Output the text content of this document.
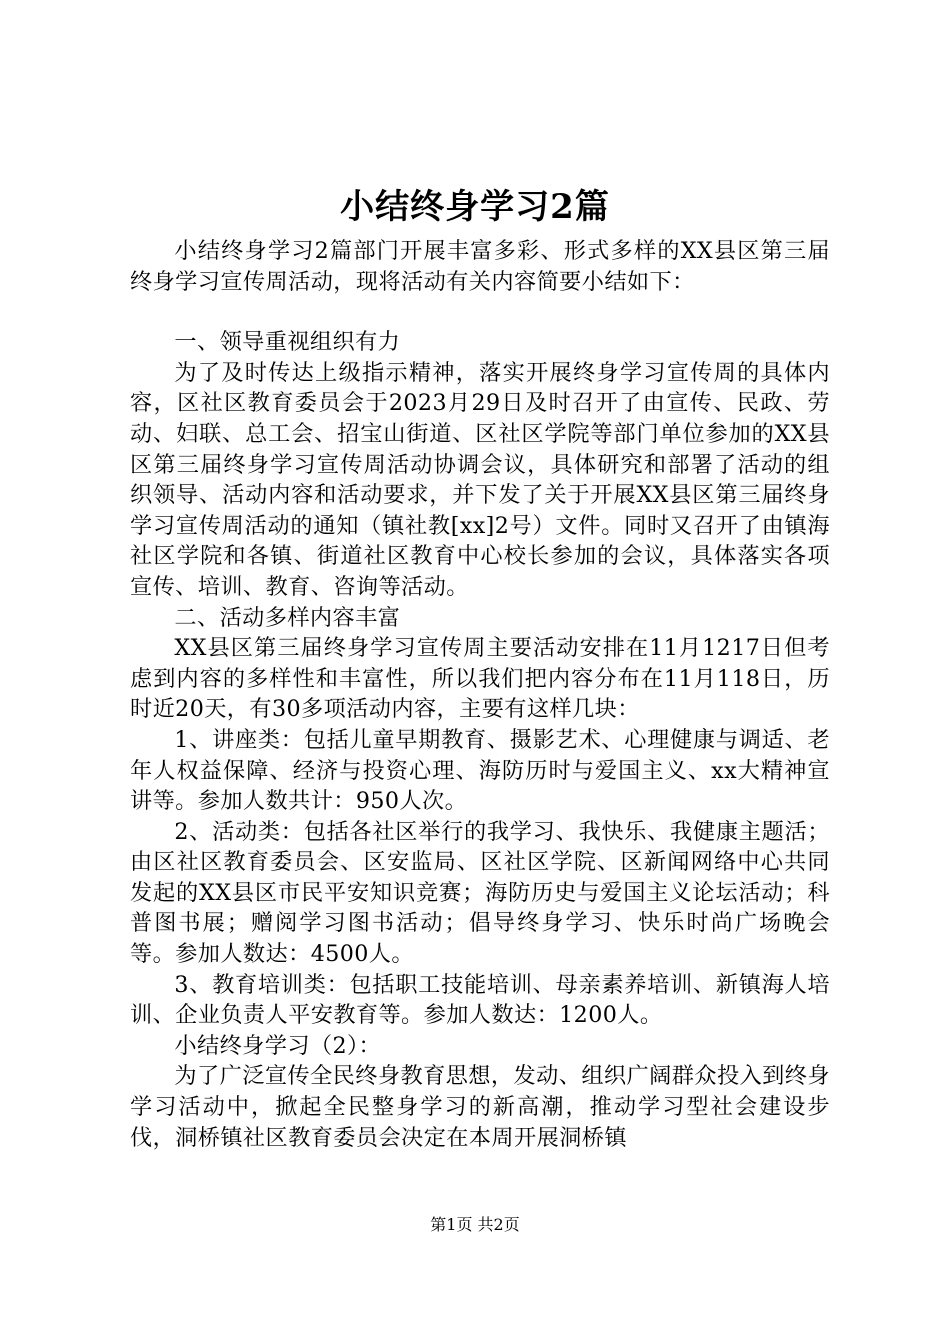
小结终身学习2篇

小结终身学习2篇部门开展丰富多彩、形式多样的XX县区第三届终身学习宣传周活动，现将活动有关内容简要小结如下：

一、领导重视组织有力

为了及时传达上级指示精神，落实开展终身学习宣传周的具体内容，区社区教育委员会于2023月29日及时召开了由宣传、民政、劳动、妇联、总工会、招宝山街道、区社区学院等部门单位参加的XX县区第三届终身学习宣传周活动协调会议，具体研究和部署了活动的组织领导、活动内容和活动要求，并下发了关于开展XX县区第三届终身学习宣传周活动的通知（镇社教[xx]2号）文件。同时又召开了由镇海社区学院和各镇、街道社区教育中心校长参加的会议，具体落实各项宣传、培训、教育、咨询等活动。

二、活动多样内容丰富

XX县区第三届终身学习宣传周主要活动安排在11月1217日但考虑到内容的多样性和丰富性，所以我们把内容分布在11月118日，历时近20天，有30多项活动内容，主要有这样几块：

1、讲座类：包括儿童早期教育、摄影艺术、心理健康与调适、老年人权益保障、经济与投资心理、海防历时与爱国主义、xx大精神宣讲等。参加人数共计：950人次。

2、活动类：包括各社区举行的我学习、我快乐、我健康主题活；由区社区教育委员会、区安监局、区社区学院、区新闻网络中心共同发起的XX县区市民平安知识竞赛；海防历史与爱国主义论坛活动；科普图书展；赠阅学习图书活动；倡导终身学习、快乐时尚广场晚会等。参加人数达：4500人。

3、教育培训类：包括职工技能培训、母亲素养培训、新镇海人培训、企业负责人平安教育等。参加人数达：1200人。

小结终身学习（2）：

为了广泛宣传全民终身教育思想，发动、组织广阔群众投入到终身学习活动中，掀起全民整身学习的新高潮，推动学习型社会建设步伐，洞桥镇社区教育委员会决定在本周开展洞桥镇

第1页 共2页
